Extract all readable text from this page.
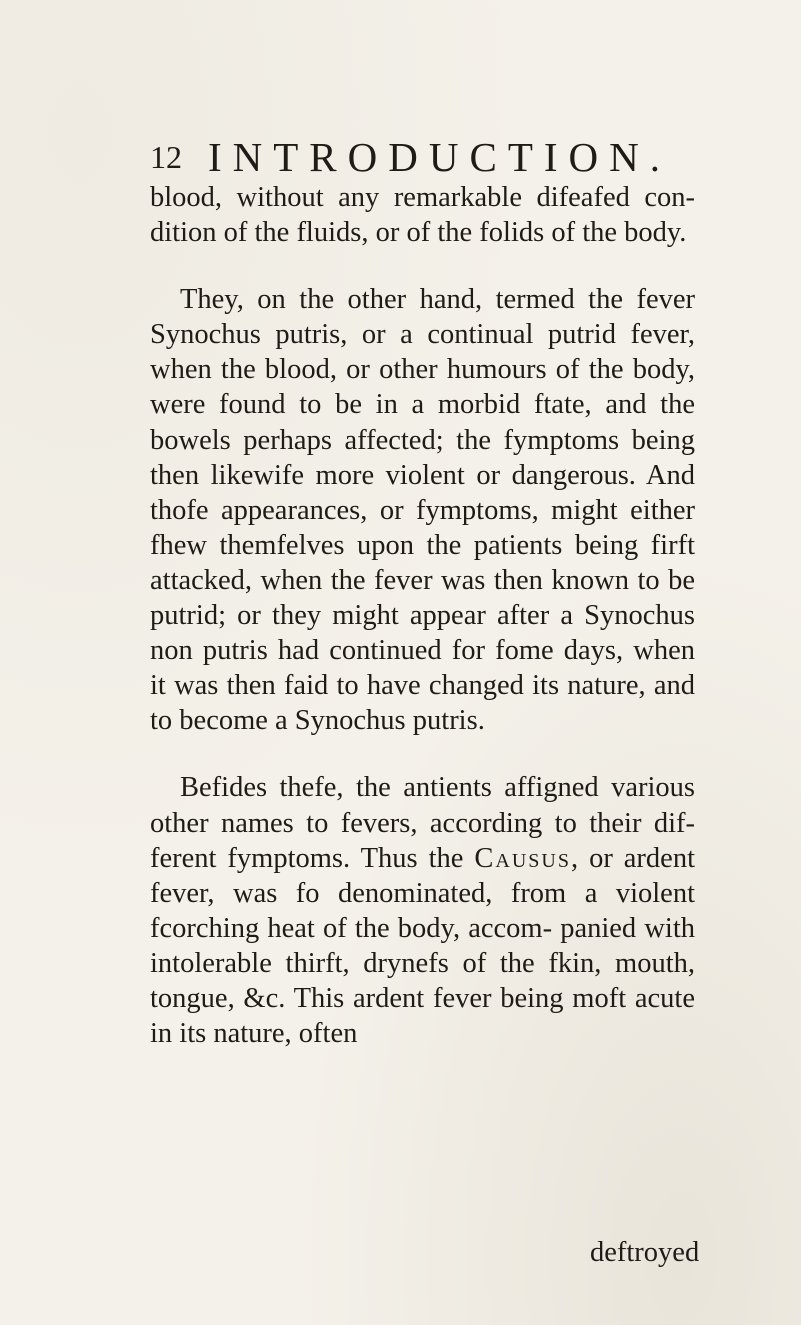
12 INTRODUCTION.

blood, without any remarkable difeafed con- dition of the fluids, or of the folids of the body.

They, on the other hand, termed the fever Synochus putris, or a continual putrid fever, when the blood, or other humours of the body, were found to be in a morbid ftate, and the bowels perhaps affected; the fymptoms being then likewife more violent or dangerous. And thofe appearances, or fymptoms, might either fhew themfelves upon the patients being firft attacked, when the fever was then known to be putrid; or they might appear after a Synochus non putris had continued for fome days, when it was then faid to have changed its nature, and to become a Synochus putris.

Befides thefe, the antients affigned various other names to fevers, according to their dif- ferent fymptoms. Thus the Causus, or ardent fever, was fo denominated, from a violent fcorching heat of the body, accom- panied with intolerable thirft, drynefs of the fkin, mouth, tongue, &c. This ardent fever being moft acute in its nature, often

deftroyed
